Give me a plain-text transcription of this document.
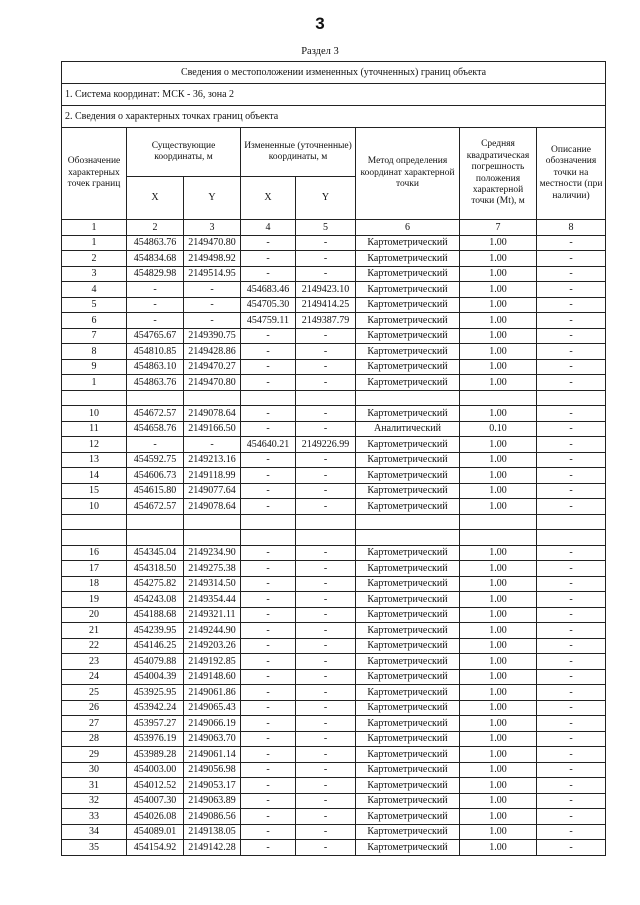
3
Раздел 3
Сведения о местоположении измененных (уточненных) границ объекта							
1. Система координат: МСК - 36, зона 2							
2. Сведения о характерных точках границ объекта							
Обозначение характерных точек границ	Существующие координаты, м		Измененные (уточненные) координаты, м		Метод определения координат характерной точки	Средняя квадратическая погрешность положения характерной точки (Mt), м	Описание обозначения точки на местности (при наличии)
	X	Y	X	Y			
1	2	3	4	5	6	7	8
1	454863.76	2149470.80	-	-	Картометрический	1.00	-
2	454834.68	2149498.92	-	-	Картометрический	1.00	-
3	454829.98	2149514.95	-	-	Картометрический	1.00	-
4	-	-	454683.46	2149423.10	Картометрический	1.00	-
5	-	-	454705.30	2149414.25	Картометрический	1.00	-
6	-	-	454759.11	2149387.79	Картометрический	1.00	-
7	454765.67	2149390.75	-	-	Картометрический	1.00	-
8	454810.85	2149428.86	-	-	Картометрический	1.00	-
9	454863.10	2149470.27	-	-	Картометрический	1.00	-
1	454863.76	2149470.80	-	-	Картометрический	1.00	-

10	454672.57	2149078.64	-	-	Картометрический	1.00	-
11	454658.76	2149166.50	-	-	Аналитический	0.10	-
12	-	-	454640.21	2149226.99	Картометрический	1.00	-
13	454592.75	2149213.16	-	-	Картометрический	1.00	-
14	454606.73	2149118.99	-	-	Картометрический	1.00	-
15	454615.80	2149077.64	-	-	Картометрический	1.00	-
10	454672.57	2149078.64	-	-	Картометрический	1.00	-

16	454345.04	2149234.90	-	-	Картометрический	1.00	-
17	454318.50	2149275.38	-	-	Картометрический	1.00	-
18	454275.82	2149314.50	-	-	Картометрический	1.00	-
19	454243.08	2149354.44	-	-	Картометрический	1.00	-
20	454188.68	2149321.11	-	-	Картометрический	1.00	-
21	454239.95	2149244.90	-	-	Картометрический	1.00	-
22	454146.25	2149203.26	-	-	Картометрический	1.00	-
23	454079.88	2149192.85	-	-	Картометрический	1.00	-
24	454004.39	2149148.60	-	-	Картометрический	1.00	-
25	453925.95	2149061.86	-	-	Картометрический	1.00	-
26	453942.24	2149065.43	-	-	Картометрический	1.00	-
27	453957.27	2149066.19	-	-	Картометрический	1.00	-
28	453976.19	2149063.70	-	-	Картометрический	1.00	-
29	453989.28	2149061.14	-	-	Картометрический	1.00	-
30	454003.00	2149056.98	-	-	Картометрический	1.00	-
31	454012.52	2149053.17	-	-	Картометрический	1.00	-
32	454007.30	2149063.89	-	-	Картометрический	1.00	-
33	454026.08	2149086.56	-	-	Картометрический	1.00	-
34	454089.01	2149138.05	-	-	Картометрический	1.00	-
35	454154.92	2149142.28	-	-	Картометрический	1.00	-
